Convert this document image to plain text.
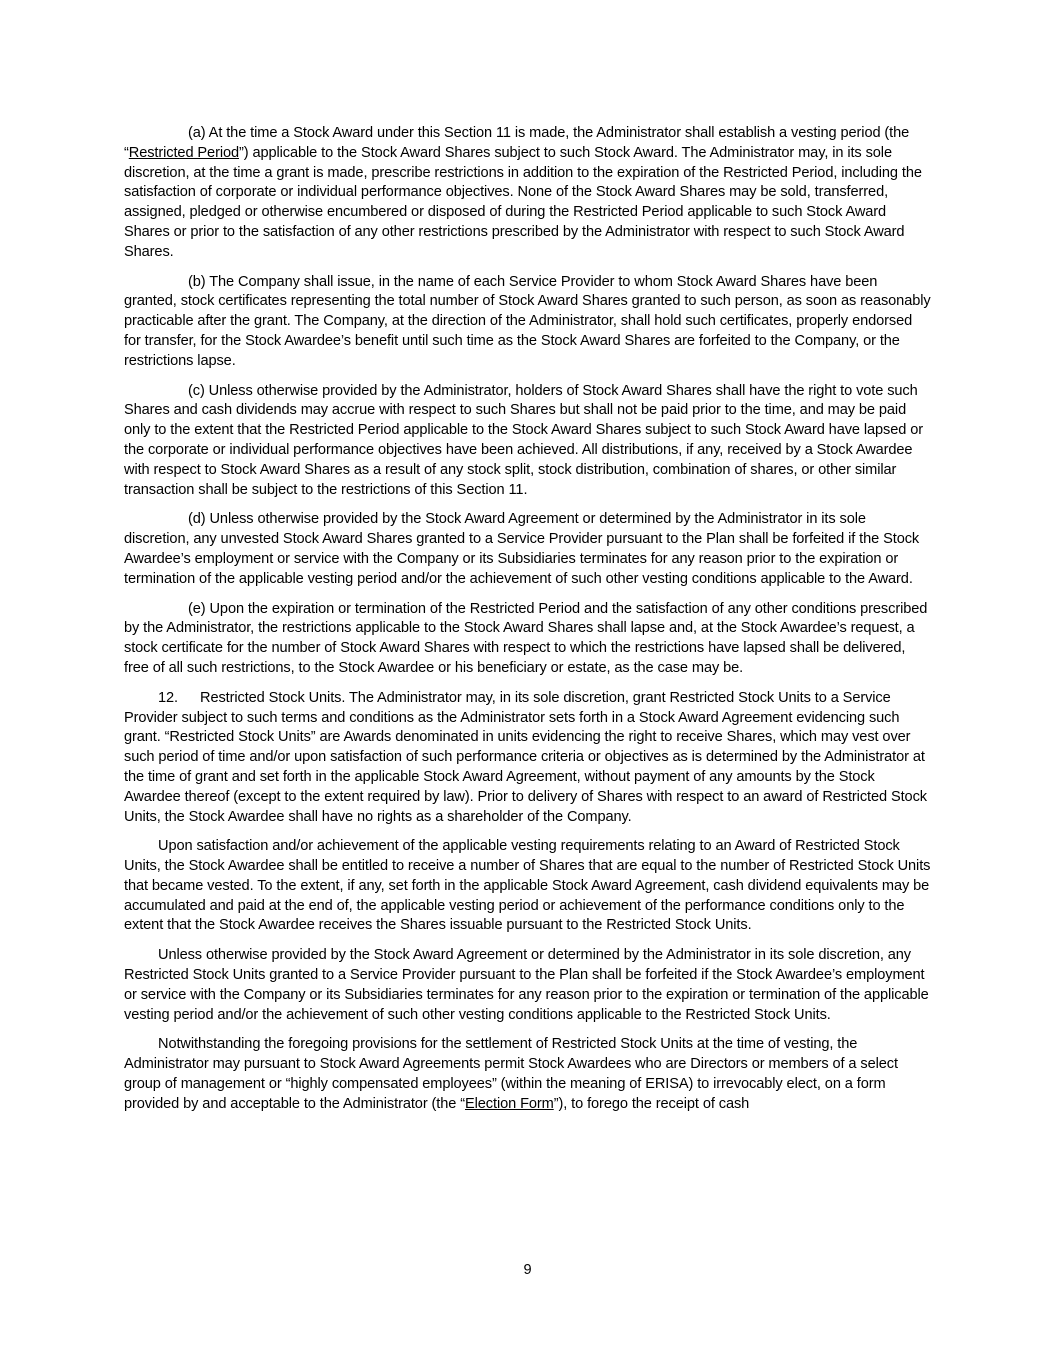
(a) At the time a Stock Award under this Section 11 is made, the Administrator shall establish a vesting period (the “Restricted Period”) applicable to the Stock Award Shares subject to such Stock Award. The Administrator may, in its sole discretion, at the time a grant is made, prescribe restrictions in addition to the expiration of the Restricted Period, including the satisfaction of corporate or individual performance objectives. None of the Stock Award Shares may be sold, transferred, assigned, pledged or otherwise encumbered or disposed of during the Restricted Period applicable to such Stock Award Shares or prior to the satisfaction of any other restrictions prescribed by the Administrator with respect to such Stock Award Shares.

(b) The Company shall issue, in the name of each Service Provider to whom Stock Award Shares have been granted, stock certificates representing the total number of Stock Award Shares granted to such person, as soon as reasonably practicable after the grant. The Company, at the direction of the Administrator, shall hold such certificates, properly endorsed for transfer, for the Stock Awardee’s benefit until such time as the Stock Award Shares are forfeited to the Company, or the restrictions lapse.

(c) Unless otherwise provided by the Administrator, holders of Stock Award Shares shall have the right to vote such Shares and cash dividends may accrue with respect to such Shares but shall not be paid prior to the time, and may be paid only to the extent that the Restricted Period applicable to the Stock Award Shares subject to such Stock Award have lapsed or the corporate or individual performance objectives have been achieved. All distributions, if any, received by a Stock Awardee with respect to Stock Award Shares as a result of any stock split, stock distribution, combination of shares, or other similar transaction shall be subject to the restrictions of this Section 11.

(d) Unless otherwise provided by the Stock Award Agreement or determined by the Administrator in its sole discretion, any unvested Stock Award Shares granted to a Service Provider pursuant to the Plan shall be forfeited if the Stock Awardee’s employment or service with the Company or its Subsidiaries terminates for any reason prior to the expiration or termination of the applicable vesting period and/or the achievement of such other vesting conditions applicable to the Award.

(e) Upon the expiration or termination of the Restricted Period and the satisfaction of any other conditions prescribed by the Administrator, the restrictions applicable to the Stock Award Shares shall lapse and, at the Stock Awardee’s request, a stock certificate for the number of Stock Award Shares with respect to which the restrictions have lapsed shall be delivered, free of all such restrictions, to the Stock Awardee or his beneficiary or estate, as the case may be.

12. Restricted Stock Units. The Administrator may, in its sole discretion, grant Restricted Stock Units to a Service Provider subject to such terms and conditions as the Administrator sets forth in a Stock Award Agreement evidencing such grant. “Restricted Stock Units” are Awards denominated in units evidencing the right to receive Shares, which may vest over such period of time and/or upon satisfaction of such performance criteria or objectives as is determined by the Administrator at the time of grant and set forth in the applicable Stock Award Agreement, without payment of any amounts by the Stock Awardee thereof (except to the extent required by law). Prior to delivery of Shares with respect to an award of Restricted Stock Units, the Stock Awardee shall have no rights as a shareholder of the Company.

Upon satisfaction and/or achievement of the applicable vesting requirements relating to an Award of Restricted Stock Units, the Stock Awardee shall be entitled to receive a number of Shares that are equal to the number of Restricted Stock Units that became vested. To the extent, if any, set forth in the applicable Stock Award Agreement, cash dividend equivalents may be accumulated and paid at the end of, the applicable vesting period or achievement of the performance conditions only to the extent that the Stock Awardee receives the Shares issuable pursuant to the Restricted Stock Units.

Unless otherwise provided by the Stock Award Agreement or determined by the Administrator in its sole discretion, any Restricted Stock Units granted to a Service Provider pursuant to the Plan shall be forfeited if the Stock Awardee’s employment or service with the Company or its Subsidiaries terminates for any reason prior to the expiration or termination of the applicable vesting period and/or the achievement of such other vesting conditions applicable to the Restricted Stock Units.

Notwithstanding the foregoing provisions for the settlement of Restricted Stock Units at the time of vesting, the Administrator may pursuant to Stock Award Agreements permit Stock Awardees who are Directors or members of a select group of management or “highly compensated employees” (within the meaning of ERISA) to irrevocably elect, on a form provided by and acceptable to the Administrator (the “Election Form”), to forego the receipt of cash

9
